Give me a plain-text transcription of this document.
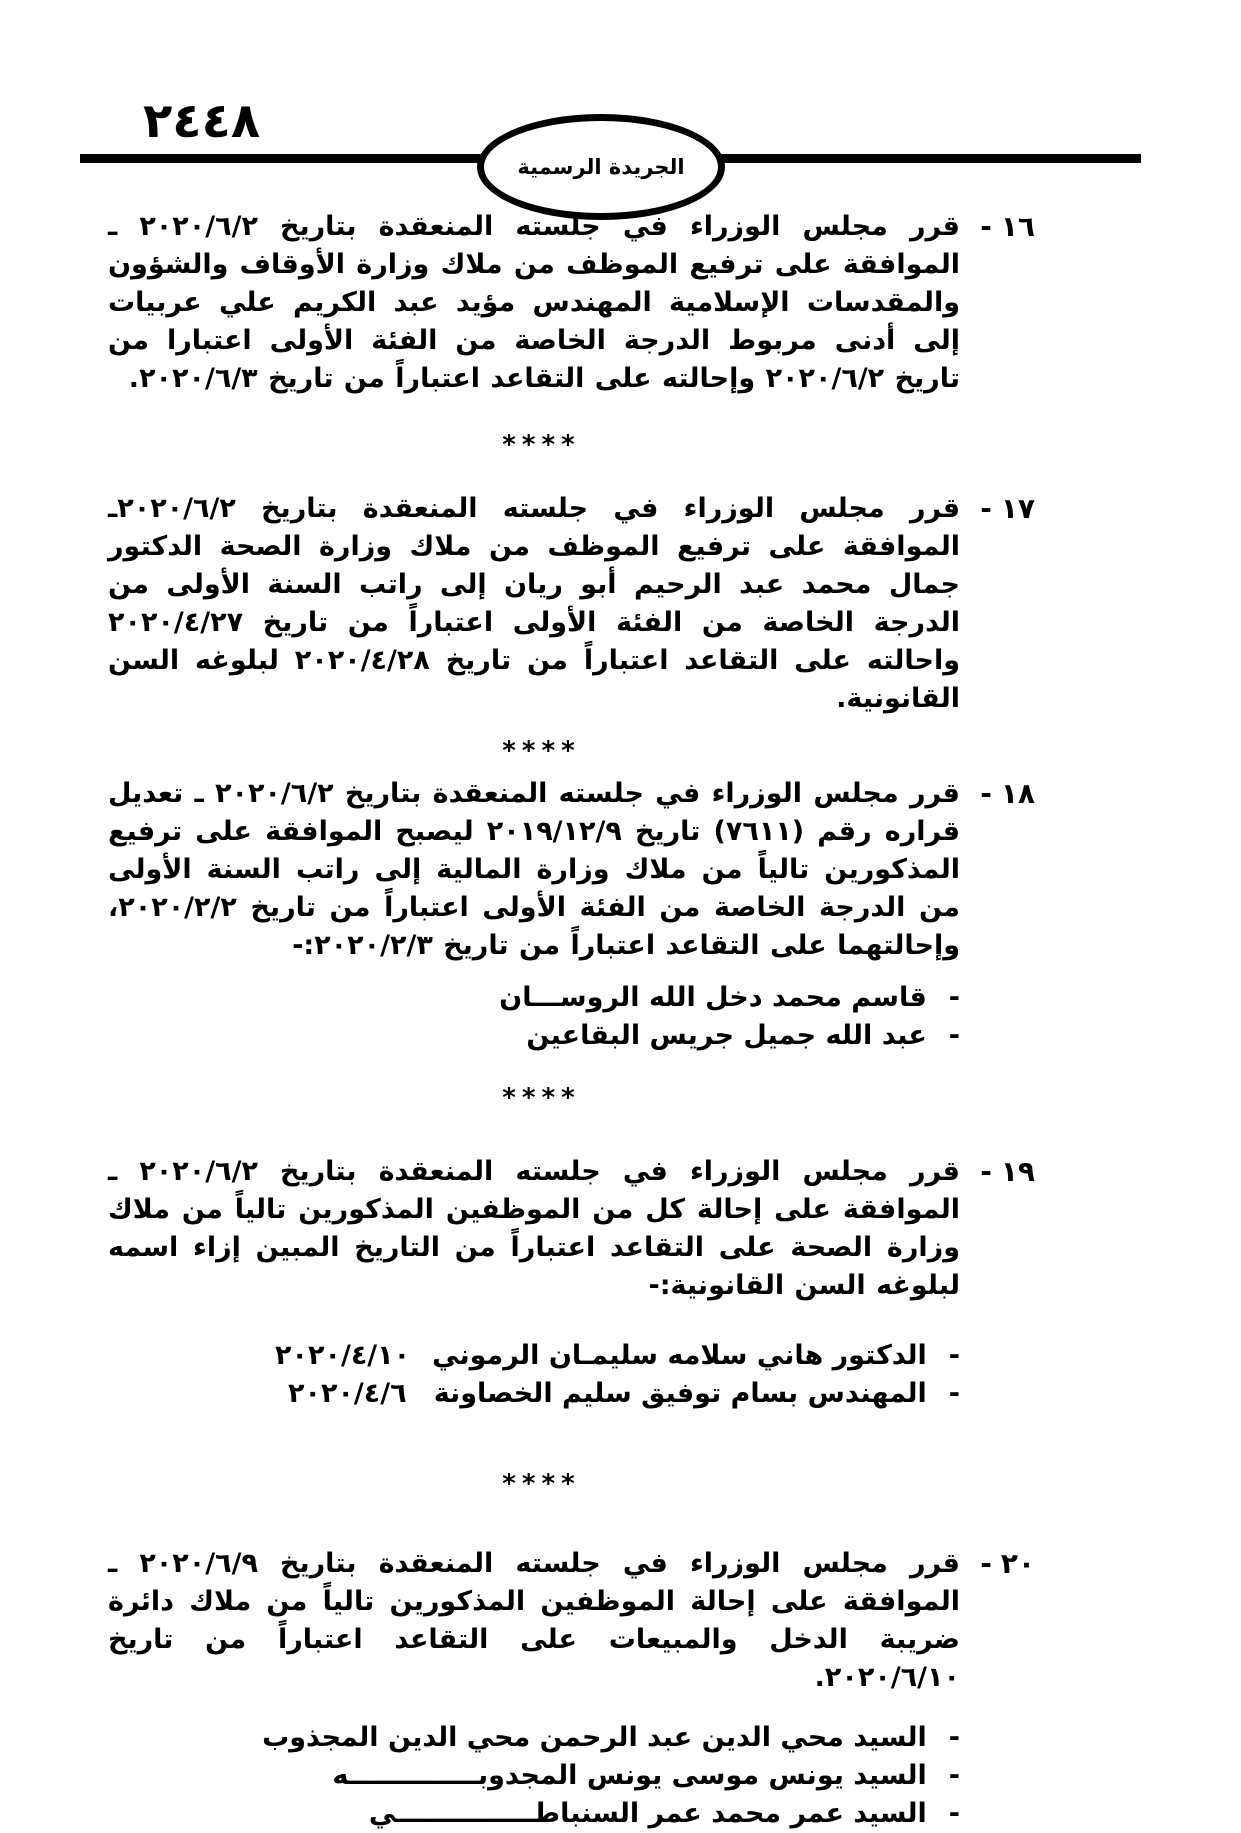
٢٤٤٨
الجريدة الرسمية
١٦
-

قرر مجلس الوزراء في جلسته المنعقدة بتاريخ ٢٠٢٠/٦/٢ ـ الموافقة على ترفيع الموظف من ملاك وزارة الأوقاف والشؤون والمقدسات الإسلامية المهندس مؤيد عبد الكريم علي عربيات إلى أدنى مربوط الدرجة الخاصة من الفئة الأولى اعتبارا من تاريخ ٢٠٢٠/٦/٢ وإحالته على التقاعد اعتباراً من تاريخ ٢٠٢٠/٦/٣.

****
١٧
-

قرر مجلس الوزراء في جلسته المنعقدة بتاريخ ٢٠٢٠/٦/٢ـ الموافقة على ترفيع الموظف من ملاك وزارة الصحة الدكتور جمال محمد عبد الرحيم أبو ريان إلى راتب السنة الأولى من الدرجة الخاصة من الفئة الأولى اعتباراً من تاريخ ٢٠٢٠/٤/٢٧ واحالته على التقاعد اعتباراً من تاريخ ٢٠٢٠/٤/٢٨ لبلوغه السن القانونية.

****
١٨
-

قرر مجلس الوزراء في جلسته المنعقدة بتاريخ ٢٠٢٠/٦/٢ ـ تعديل قراره رقم (٧٦١١) تاريخ ٢٠١٩/١٢/٩ ليصبح الموافقة على ترفيع المذكورين تالياً من ملاك وزارة المالية إلى راتب السنة الأولى من الدرجة الخاصة من الفئة الأولى اعتباراً من تاريخ ٢٠٢٠/٢/٢، وإحالتهما على التقاعد اعتباراً من تاريخ ٢٠٢٠/٢/٣:-

-
قاسم محمد دخل الله الروســـان
-
عبد الله جميل جريس البقاعين
****
١٩
-

قرر مجلس الوزراء في جلسته المنعقدة بتاريخ ٢٠٢٠/٦/٢ ـ الموافقة على إحالة كل من الموظفين المذكورين تالياً من ملاك وزارة الصحة على التقاعد اعتباراً من التاريخ المبين إزاء اسمه لبلوغه السن القانونية:-

-
الدكتور هاني سلامه سليمـان الرموني
٢٠٢٠/٤/١٠
-
المهندس بسام توفيق سليم الخصاونة
٢٠٢٠/٤/٦
****
٢٠
-

قرر مجلس الوزراء في جلسته المنعقدة بتاريخ ٢٠٢٠/٦/٩ ـ الموافقة على إحالة الموظفين المذكورين تالياً من ملاك دائرة ضريبة الدخل والمبيعات على التقاعد اعتباراً من تاريخ ٢٠٢٠/٦/١٠.

-
السيد محي الدين عبد الرحمن محي الدين المجذوب
-
السيد يونس موسى يونس المجدوبــــــــــــــه
-
السيد عمر محمد عمر السنباطـــــــــــــــي
